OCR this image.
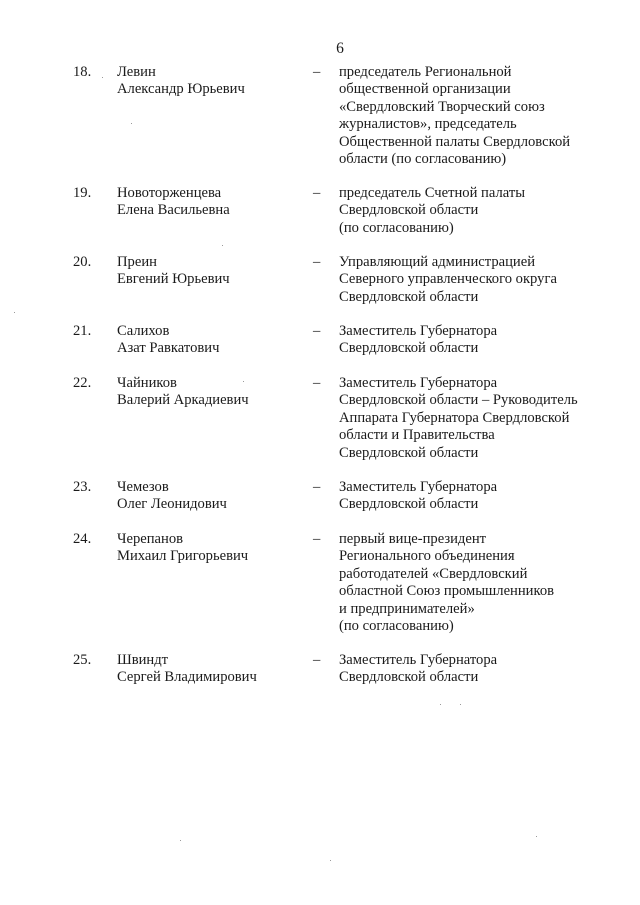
6
18. Левин
Александр Юрьевич
– председатель Региональной
общественной организации
«Свердловский Творческий союз
журналистов», председатель
Общественной палаты Свердловской
области (по согласованию)
19. Новоторженцева
Елена Васильевна
– председатель Счетной палаты
Свердловской области
(по согласованию)
20. Преин
Евгений Юрьевич
– Управляющий администрацией
Северного управленческого округа
Свердловской области
21. Салихов
Азат Равкатович
– Заместитель Губернатора
Свердловской области
22. Чайников
Валерий Аркадиевич
– Заместитель Губернатора
Свердловской области – Руководитель
Аппарата Губернатора Свердловской
области и Правительства
Свердловской области
23. Чемезов
Олег Леонидович
– Заместитель Губернатора
Свердловской области
24. Черепанов
Михаил Григорьевич
– первый вице-президент
Регионального объединения
работодателей «Свердловский
областной Союз промышленников
и предпринимателей»
(по согласованию)
25. Швиндт
Сергей Владимирович
– Заместитель Губернатора
Свердловской области
